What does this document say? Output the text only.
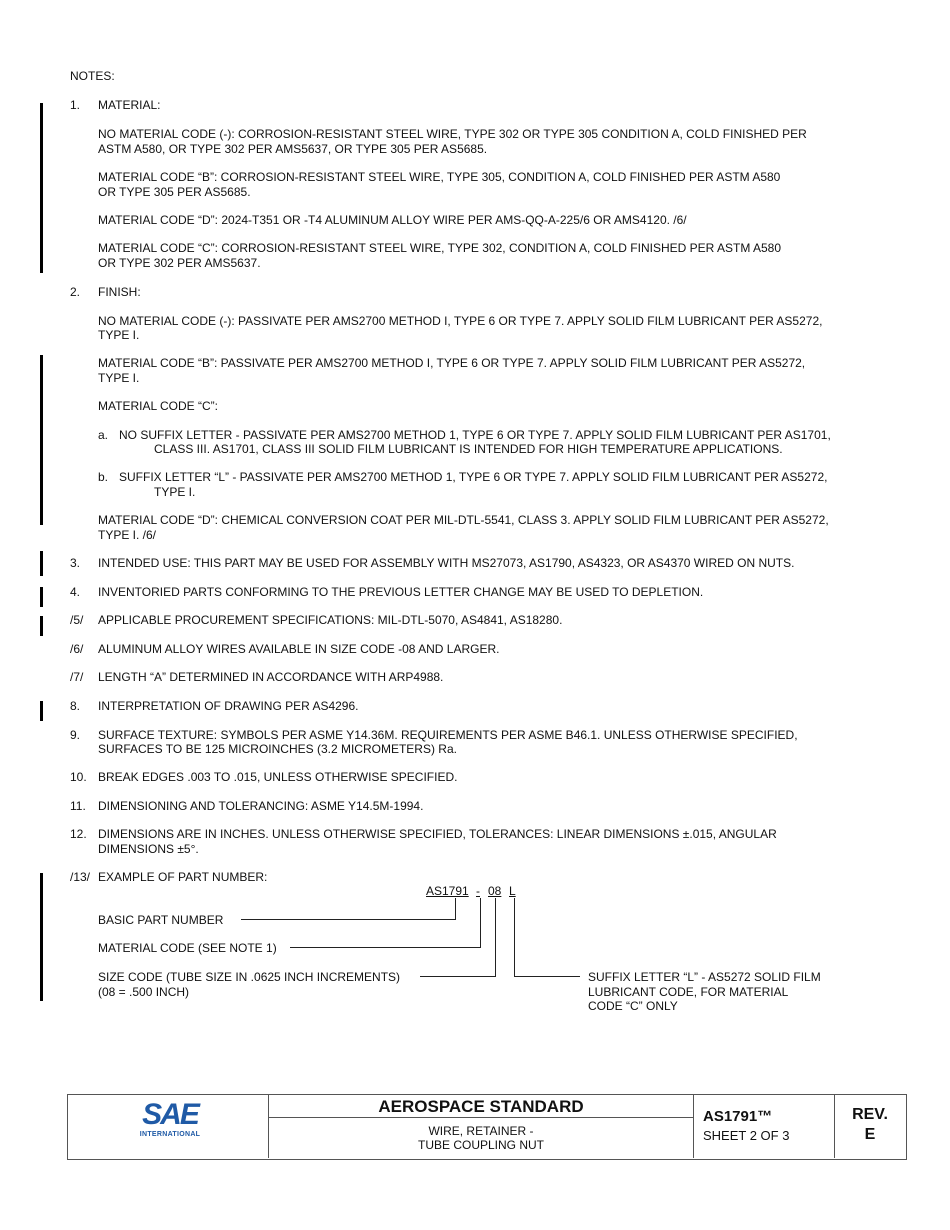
NOTES:
1. MATERIAL:
NO MATERIAL CODE (-): CORROSION-RESISTANT STEEL WIRE, TYPE 302 OR TYPE 305 CONDITION A, COLD FINISHED PER
ASTM A580, OR TYPE 302 PER AMS5637, OR TYPE 305 PER AS5685.
MATERIAL CODE “B”: CORROSION-RESISTANT STEEL WIRE, TYPE 305, CONDITION A, COLD FINISHED PER ASTM A580
OR TYPE 305 PER AS5685.
MATERIAL CODE “D”: 2024-T351 OR -T4 ALUMINUM ALLOY WIRE PER AMS-QQ-A-225/6 OR AMS4120. /6/
MATERIAL CODE “C”: CORROSION-RESISTANT STEEL WIRE, TYPE 302, CONDITION A, COLD FINISHED PER ASTM A580
OR TYPE 302 PER AMS5637.
2. FINISH:
NO MATERIAL CODE (-): PASSIVATE PER AMS2700 METHOD I, TYPE 6 OR TYPE 7. APPLY SOLID FILM LUBRICANT PER AS5272,
TYPE I.
MATERIAL CODE “B”: PASSIVATE PER AMS2700 METHOD I, TYPE 6 OR TYPE 7. APPLY SOLID FILM LUBRICANT PER AS5272,
TYPE I.
MATERIAL CODE “C”:
a. NO SUFFIX LETTER - PASSIVATE PER AMS2700 METHOD 1, TYPE 6 OR TYPE 7. APPLY SOLID FILM LUBRICANT PER AS1701,
CLASS III. AS1701, CLASS III SOLID FILM LUBRICANT IS INTENDED FOR HIGH TEMPERATURE APPLICATIONS.
b. SUFFIX LETTER “L” - PASSIVATE PER AMS2700 METHOD 1, TYPE 6 OR TYPE 7. APPLY SOLID FILM LUBRICANT PER AS5272,
TYPE I.
MATERIAL CODE “D”: CHEMICAL CONVERSION COAT PER MIL-DTL-5541, CLASS 3. APPLY SOLID FILM LUBRICANT PER AS5272,
TYPE I. /6/
3. INTENDED USE: THIS PART MAY BE USED FOR ASSEMBLY WITH MS27073, AS1790, AS4323, OR AS4370 WIRED ON NUTS.
4. INVENTORIED PARTS CONFORMING TO THE PREVIOUS LETTER CHANGE MAY BE USED TO DEPLETION.
/5/ APPLICABLE PROCUREMENT SPECIFICATIONS: MIL-DTL-5070, AS4841, AS18280.
/6/ ALUMINUM ALLOY WIRES AVAILABLE IN SIZE CODE -08 AND LARGER.
/7/ LENGTH “A” DETERMINED IN ACCORDANCE WITH ARP4988.
8. INTERPRETATION OF DRAWING PER AS4296.
9. SURFACE TEXTURE: SYMBOLS PER ASME Y14.36M. REQUIREMENTS PER ASME B46.1. UNLESS OTHERWISE SPECIFIED,
SURFACES TO BE 125 MICROINCHES (3.2 MICROMETERS) Ra.
10. BREAK EDGES .003 TO .015, UNLESS OTHERWISE SPECIFIED.
11. DIMENSIONING AND TOLERANCING: ASME Y14.5M-1994.
12. DIMENSIONS ARE IN INCHES. UNLESS OTHERWISE SPECIFIED, TOLERANCES: LINEAR DIMENSIONS ±.015, ANGULAR
DIMENSIONS ±5°.
/13/ EXAMPLE OF PART NUMBER:
AS1791 - 08 L
BASIC PART NUMBER
MATERIAL CODE (SEE NOTE 1)
SIZE CODE (TUBE SIZE IN .0625 INCH INCREMENTS)
(08 = .500 INCH)
SUFFIX LETTER “L” - AS5272 SOLID FILM
LUBRICANT CODE, FOR MATERIAL
CODE “C” ONLY
SAE
INTERNATIONAL
AEROSPACE STANDARD
WIRE, RETAINER -
TUBE COUPLING NUT
AS1791™
SHEET 2 OF 3
REV.
E
